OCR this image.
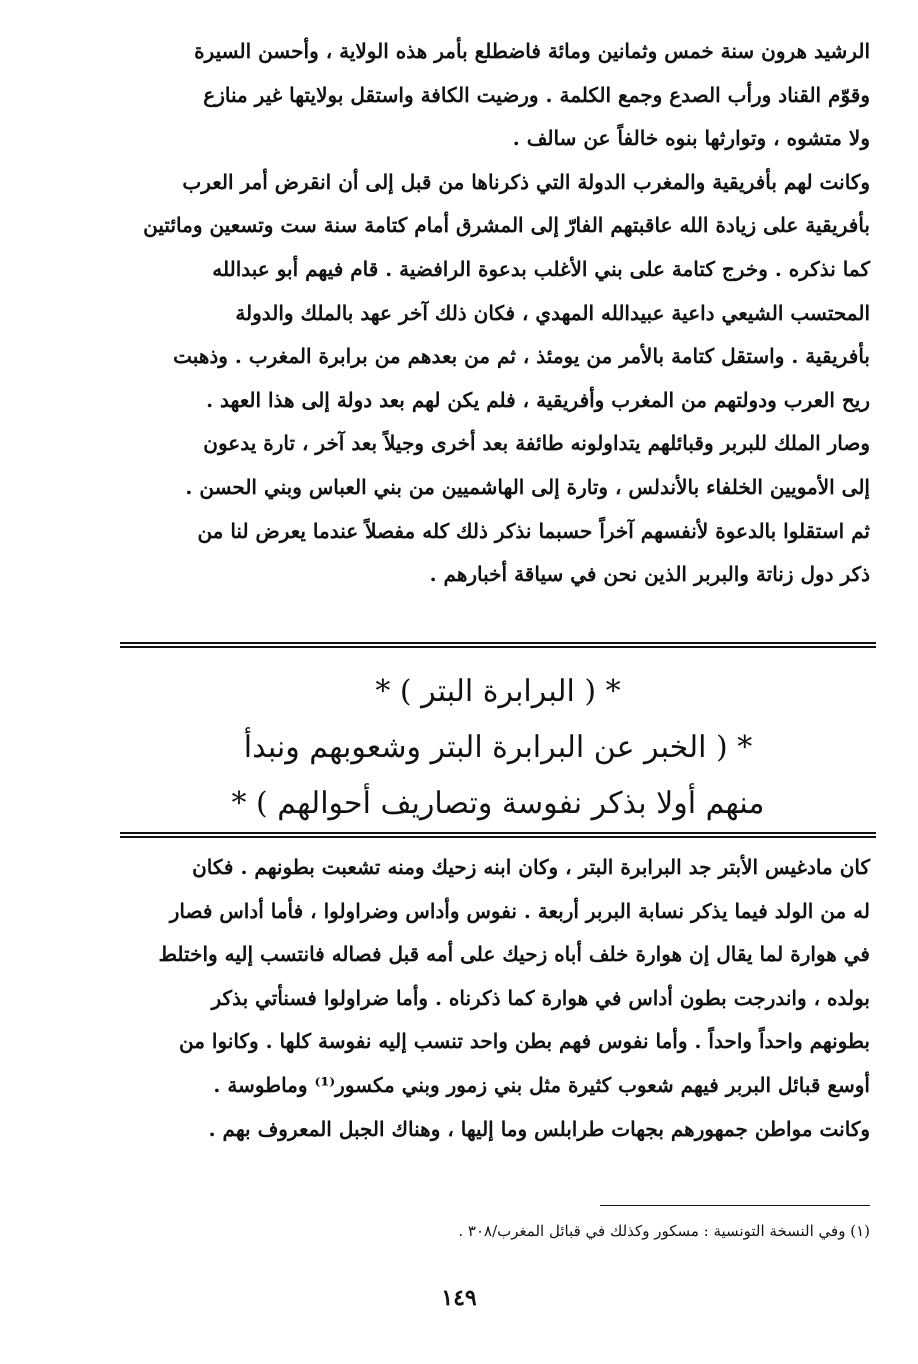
الرشيد هرون سنة خمس وثمانين ومائة فاضطلع بأمر هذه الولاية ، وأحسن السيرة

وقوّم القناد ورأب الصدع وجمع الكلمة . ورضيت الكافة واستقل بولايتها غير منازع

ولا متشوه ، وتوارثها بنوه خالفاً عن سالف .

وكانت لهم بأفريقية والمغرب الدولة التي ذكرناها من قبل إلى أن انقرض أمر العرب

بأفريقية على زيادة الله عاقبتهم الفارّ إلى المشرق أمام كتامة سنة ست وتسعين ومائتين

كما نذكره . وخرج كتامة على بني الأغلب بدعوة الرافضية . قام فيهم أبو عبدالله

المحتسب الشيعي داعية عبيدالله المهدي ، فكان ذلك آخر عهد بالملك والدولة

بأفريقية . واستقل كتامة بالأمر من يومئذ ، ثم من بعدهم من برابرة المغرب . وذهبت

ريح العرب ودولتهم من المغرب وأفريقية ، فلم يكن لهم بعد دولة إلى هذا العهد .

وصار الملك للبربر وقبائلهم يتداولونه طائفة بعد أخرى وجيلاً بعد آخر ، تارة يدعون

إلى الأمويين الخلفاء بالأندلس ، وتارة إلى الهاشميين من بني العباس وبني الحسن .

ثم استقلوا بالدعوة لأنفسهم آخراً حسبما نذكر ذلك كله مفصلاً عندما يعرض لنا من

ذكر دول زناتة والبربر الذين نحن في سياقة أخبارهم .

* ( البرابرة البتر ) *
* ( الخبر عن البرابرة البتر وشعوبهم ونبدأ
منهم أولا بذكر نفوسة وتصاريف أحوالهم ) *

كان مادغيس الأبتر جد البرابرة البتر ، وكان ابنه زحيك ومنه تشعبت بطونهم . فكان

له من الولد فيما يذكر نسابة البربر أربعة . نفوس وأداس وضراولوا ، فأما أداس فصار

في هوارة لما يقال إن هوارة خلف أباه زحيك على أمه قبل فصاله فانتسب إليه واختلط

بولده ، واندرجت بطون أداس في هوارة كما ذكرناه . وأما ضراولوا فسنأتي بذكر

بطونهم واحداً واحداً . وأما نفوس فهم بطن واحد تنسب إليه نفوسة كلها . وكانوا من

أوسع قبائل البربر فيهم شعوب كثيرة مثل بني زمور وبني مكسور⁽¹⁾ وماطوسة .

وكانت مواطن جمهورهم بجهات طرابلس وما إليها ، وهناك الجبل المعروف بهم .

(١) وفي النسخة التونسية : مسكور وكذلك في قبائل المغرب/٣٠٨ .
١٤٩
